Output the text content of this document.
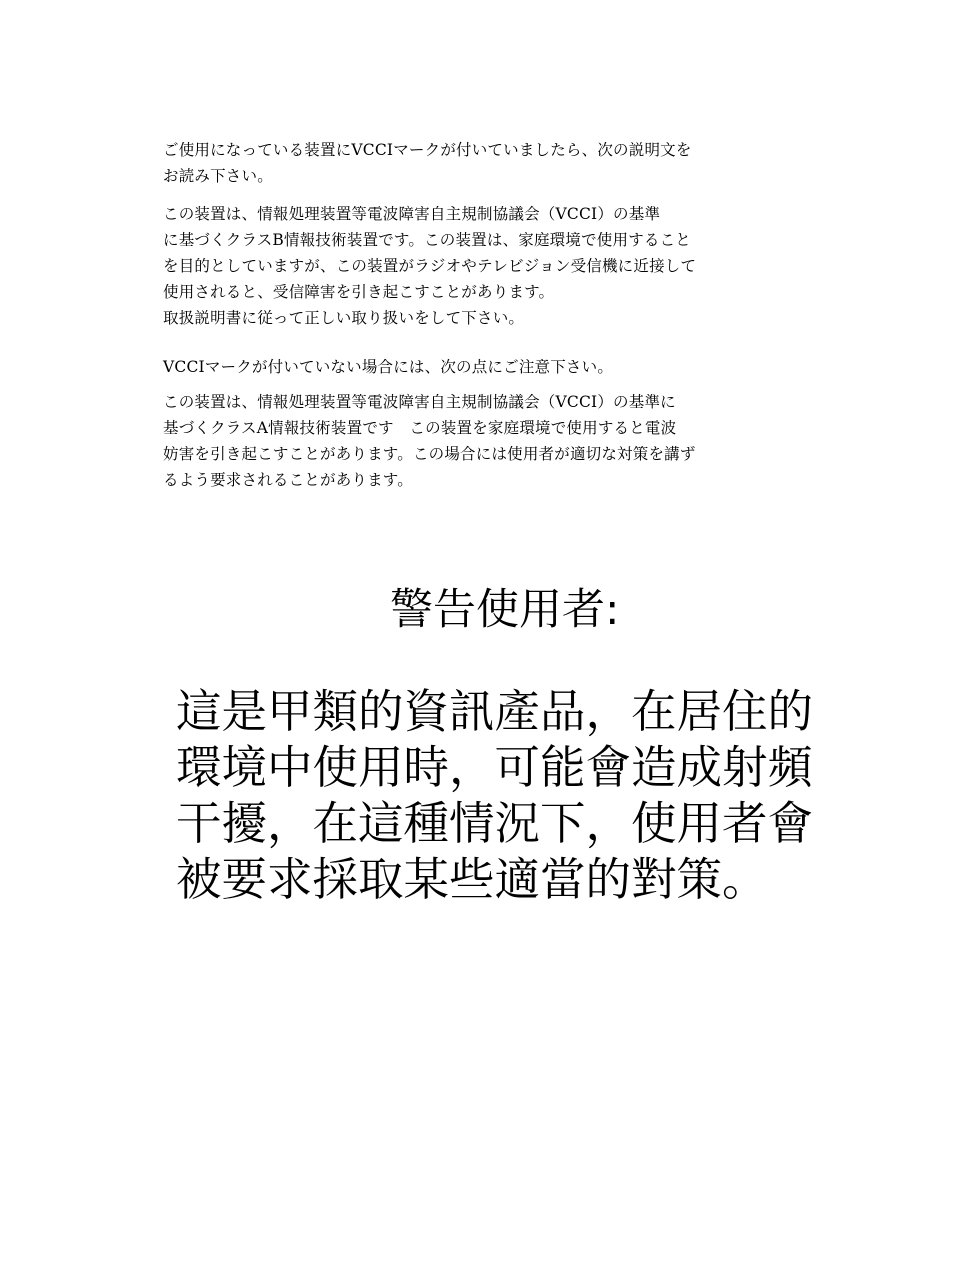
ご使用になっている装置にVCCIマークが付いていましたら、次の説明文を

お読み下さい。

この装置は、情報処理装置等電波障害自主規制協議会（VCCI）の基準

に基づくクラスB情報技術装置です。この装置は、家庭環境で使用すること

を目的としていますが、この装置がラジオやテレビジョン受信機に近接して

使用されると、受信障害を引き起こすことがあります。

取扱説明書に従って正しい取り扱いをして下さい。

VCCIマークが付いていない場合には、次の点にご注意下さい。

この装置は、情報処理装置等電波障害自主規制協議会（VCCI）の基準に

基づくクラスA情報技術装置です　この装置を家庭環境で使用すると電波

妨害を引き起こすことがあります。この場合には使用者が適切な対策を講ず

るよう要求されることがあります。

警告使用者:

這是甲類的資訊產品，在居住的

環境中使用時，可能會造成射頻

干擾，在這種情況下，使用者會

被要求採取某些適當的對策。
